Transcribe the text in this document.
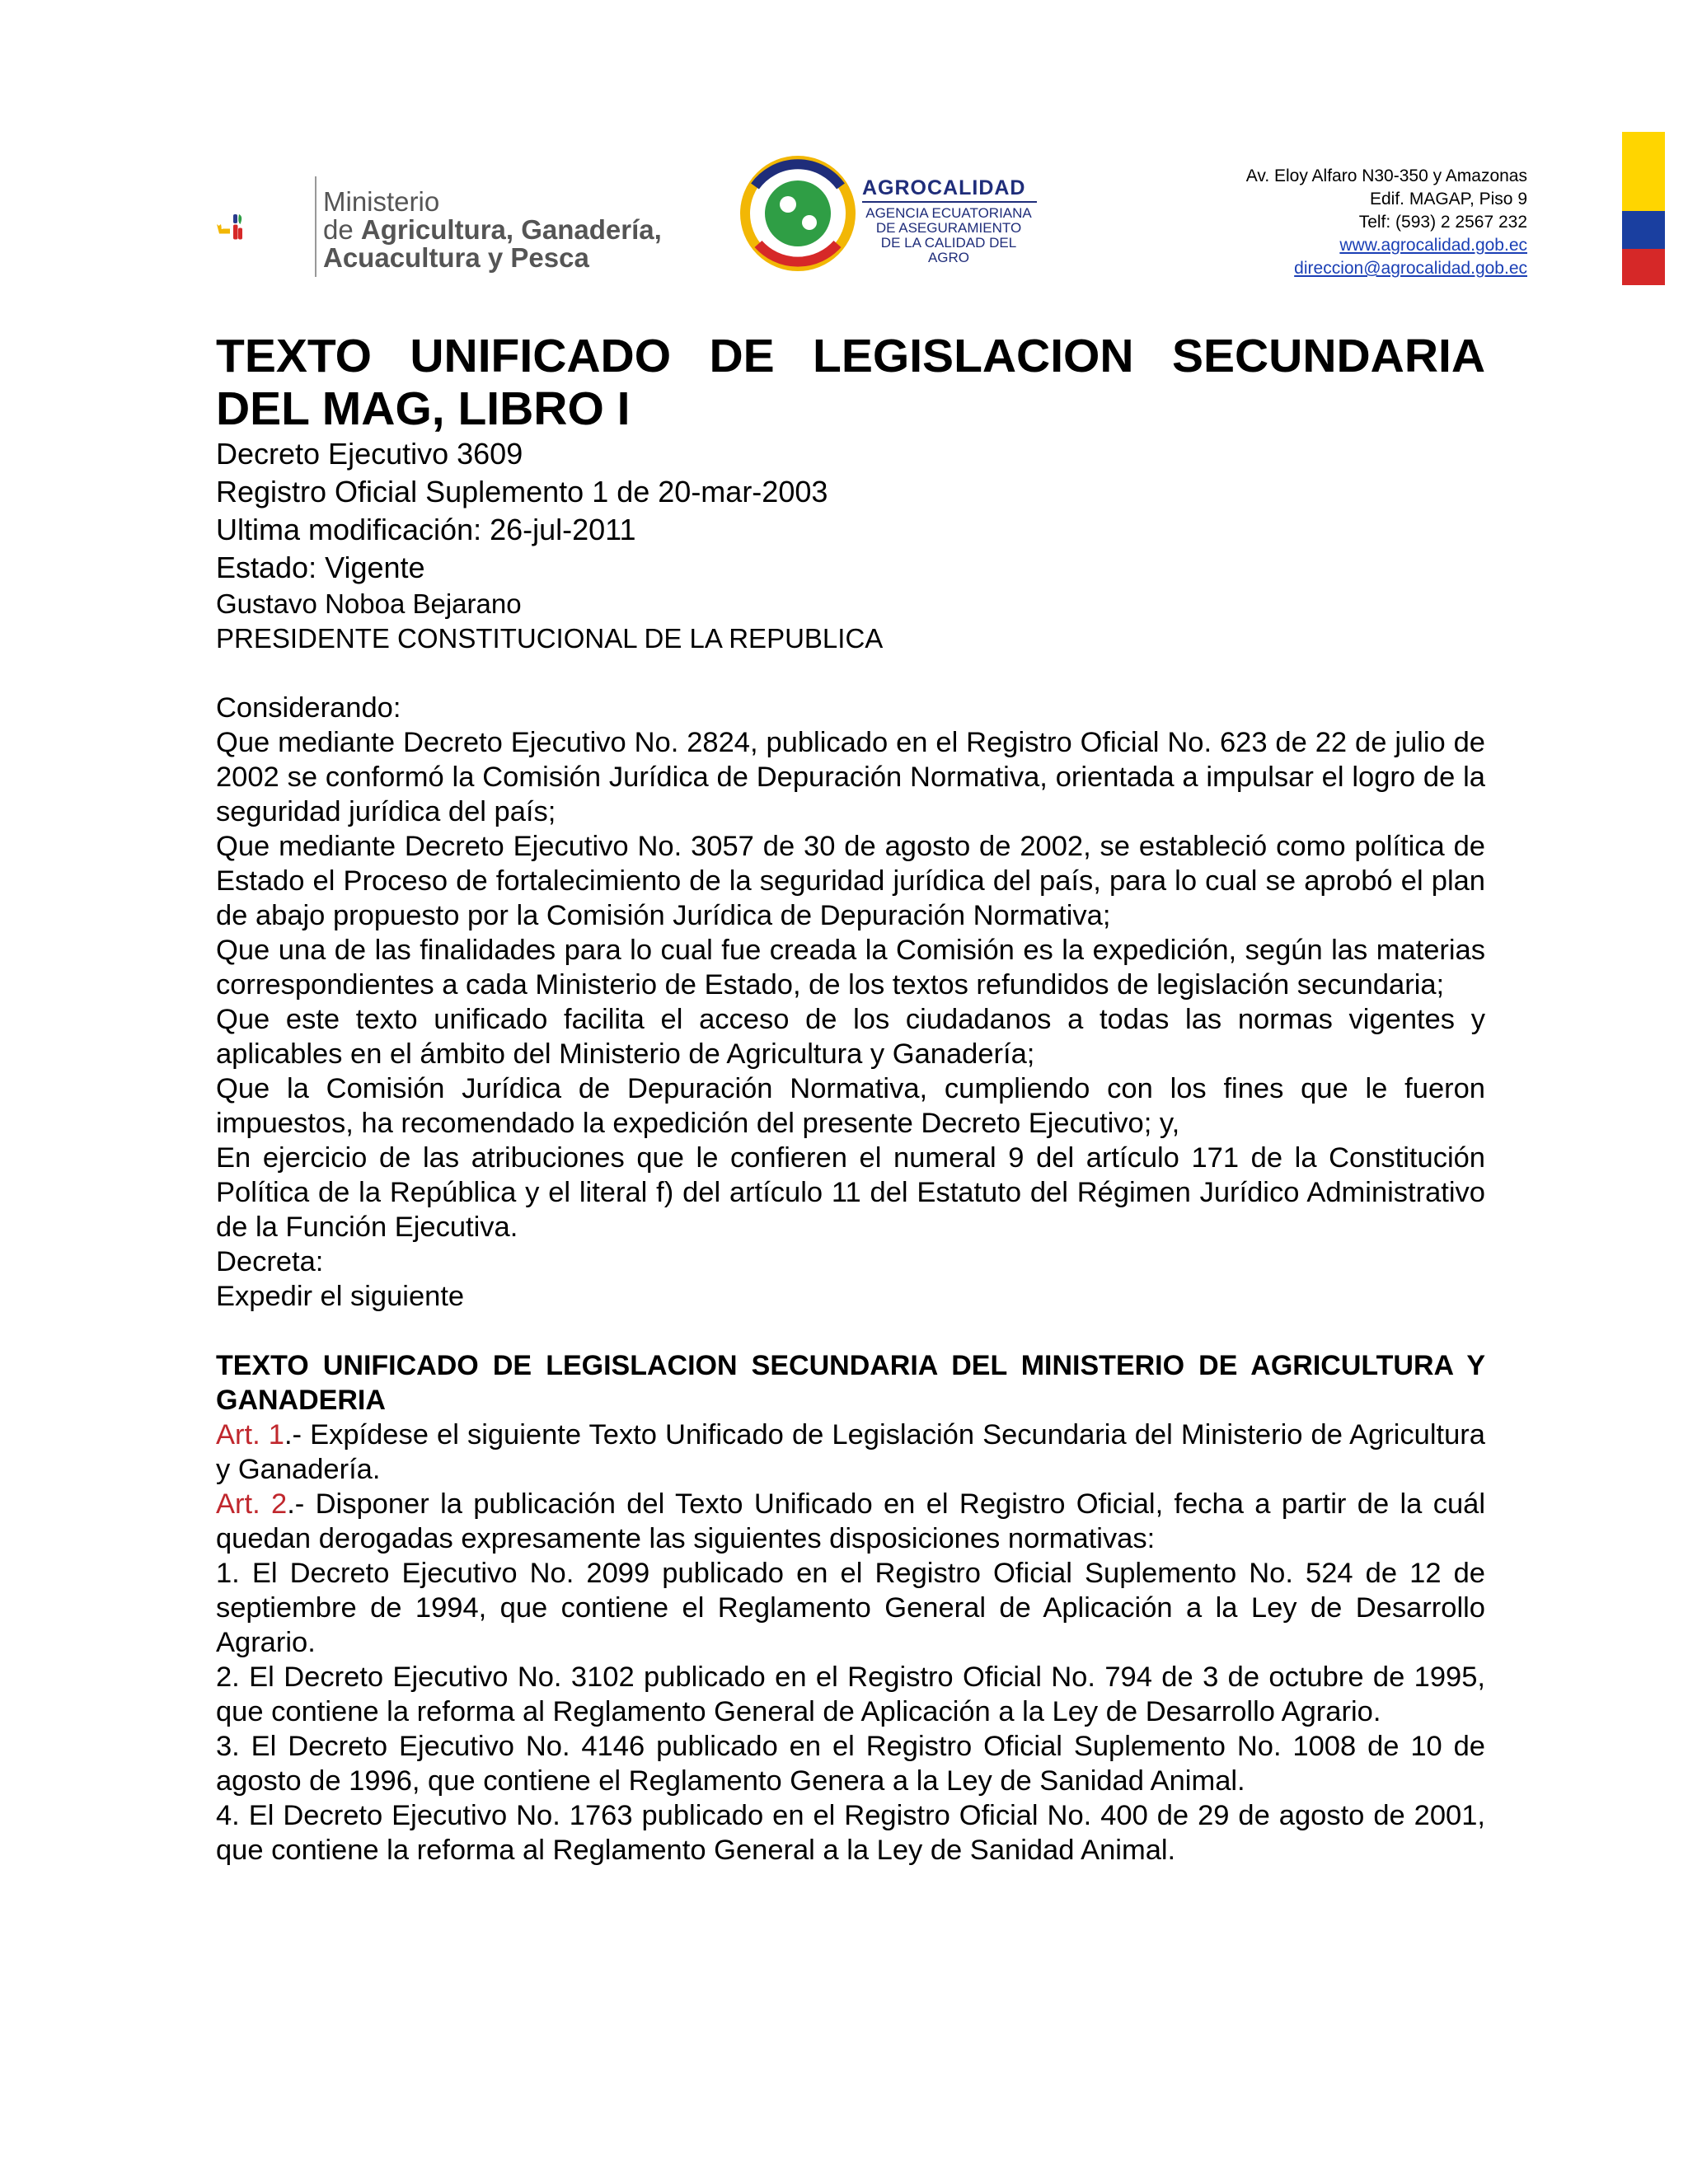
Ministerio
de Agricultura, Ganadería,
Acuacultura y Pesca
AGROCALIDAD
AGENCIA ECUATORIANA
DE ASEGURAMIENTO
DE LA CALIDAD DEL AGRO
Av. Eloy Alfaro N30-350 y Amazonas
Edif. MAGAP, Piso 9
Telf: (593) 2 2567 232
www.agrocalidad.gob.ec
direccion@agrocalidad.gob.ec
TEXTO UNIFICADO DE LEGISLACION SECUNDARIA DEL MAG, LIBRO I

Decreto Ejecutivo 3609

Registro Oficial Suplemento 1 de 20-mar-2003

Ultima modificación: 26-jul-2011

Estado: Vigente

Gustavo Noboa Bejarano

PRESIDENTE CONSTITUCIONAL DE LA REPUBLICA

Considerando:

Que mediante Decreto Ejecutivo No. 2824, publicado en el Registro Oficial No. 623 de 22 de julio de 2002 se conformó la Comisión Jurídica de Depuración Normativa, orientada a impulsar el logro de la seguridad jurídica del país;

Que mediante Decreto Ejecutivo No. 3057 de 30 de agosto de 2002, se estableció como política de Estado el Proceso de fortalecimiento de la seguridad jurídica del país, para lo cual se aprobó el plan de abajo propuesto por la Comisión Jurídica de Depuración Normativa;

Que una de las finalidades para lo cual fue creada la Comisión es la expedición, según las materias correspondientes a cada Ministerio de Estado, de los textos refundidos de legislación secundaria;

Que este texto unificado facilita el acceso de los ciudadanos a todas las normas vigentes y aplicables en el ámbito del Ministerio de Agricultura y Ganadería;

Que la Comisión Jurídica de Depuración Normativa, cumpliendo con los fines que le fueron impuestos, ha recomendado la expedición del presente Decreto Ejecutivo; y,

En ejercicio de las atribuciones que le confieren el numeral 9 del artículo 171 de la Constitución Política de la República y el literal f) del artículo 11 del Estatuto del Régimen Jurídico Administrativo de la Función Ejecutiva.

Decreta:

Expedir el siguiente

TEXTO UNIFICADO DE LEGISLACION SECUNDARIA DEL MINISTERIO DE AGRICULTURA Y GANADERIA

Art. 1.- Expídese el siguiente Texto Unificado de Legislación Secundaria del Ministerio de Agricultura y Ganadería.

Art. 2.- Disponer la publicación del Texto Unificado en el Registro Oficial, fecha a partir de la cuál quedan derogadas expresamente las siguientes disposiciones normativas:

1. El Decreto Ejecutivo No. 2099 publicado en el Registro Oficial Suplemento No. 524 de 12 de septiembre de 1994, que contiene el Reglamento General de Aplicación a la Ley de Desarrollo Agrario.

2. El Decreto Ejecutivo No. 3102 publicado en el Registro Oficial No. 794 de 3 de octubre de 1995, que contiene la reforma al Reglamento General de Aplicación a la Ley de Desarrollo Agrario.

3. El Decreto Ejecutivo No. 4146 publicado en el Registro Oficial Suplemento No. 1008 de 10 de agosto de 1996, que contiene el Reglamento Genera a la Ley de Sanidad Animal.

4. El Decreto Ejecutivo No. 1763 publicado en el Registro Oficial No. 400 de 29 de agosto de 2001, que contiene la reforma al Reglamento General a la Ley de Sanidad Animal.
